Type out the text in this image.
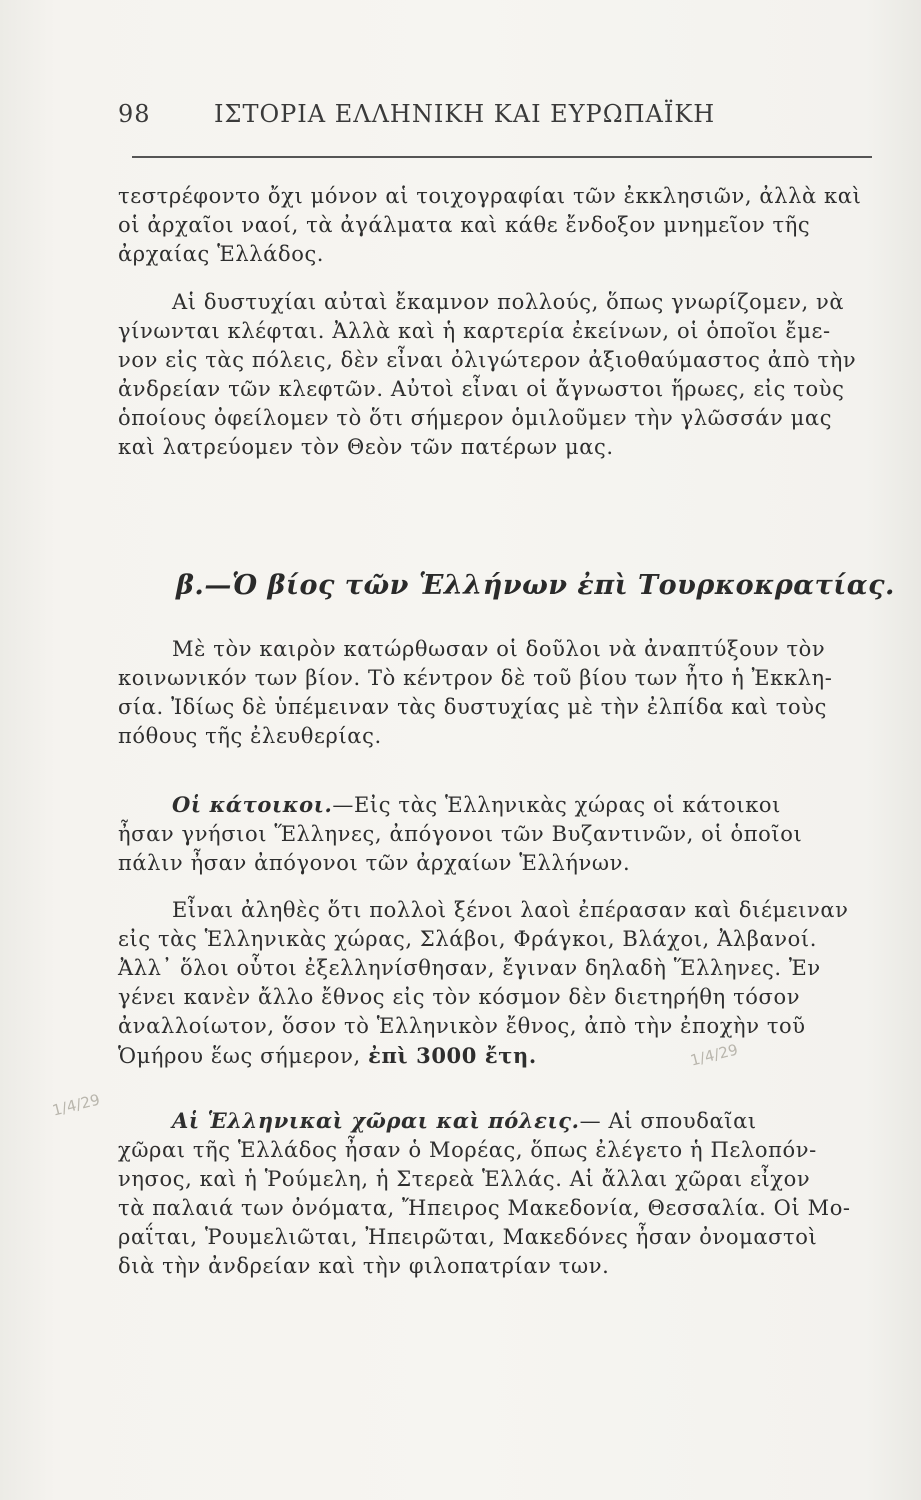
98	ΙΣΤΟΡΙΑ ΕΛΛΗΝΙΚΗ ΚΑΙ ΕΥΡΩΠΑΪΚΗ
τεστρέφοντο ὄχι μόνον αἱ τοιχογραφίαι τῶν ἐκκλησιῶν, ἀλλὰ καὶ
οἱ ἀρχαῖοι ναοί, τὰ ἀγάλματα καὶ κάθε ἔνδοξον μνημεῖον τῆς
ἀρχαίας Ἑλλάδος.
Αἱ δυστυχίαι αὐταὶ ἔκαμνον πολλούς, ὅπως γνωρίζομεν, νὰ
γίνωνται κλέφται. Ἀλλὰ καὶ ἡ καρτερία ἐκείνων, οἱ ὁποῖοι ἔμε-
νον εἰς τὰς πόλεις, δὲν εἶναι ὀλιγώτερον ἀξιοθαύμαστος ἀπὸ τὴν
ἀνδρείαν τῶν κλεφτῶν. Αὐτοὶ εἶναι οἱ ἄγνωστοι ἥρωες, εἰς τοὺς
ὁποίους ὀφείλομεν τὸ ὅτι σήμερον ὁμιλοῦμεν τὴν γλῶσσάν μας
καὶ λατρεύομεν τὸν Θεὸν τῶν πατέρων μας.
β.—Ὁ βίος τῶν Ἑλλήνων ἐπὶ Τουρκοκρατίας.
Μὲ τὸν καιρὸν κατώρθωσαν οἱ δοῦλοι νὰ ἀναπτύξουν τὸν
κοινωνικόν των βίον. Τὸ κέντρον δὲ τοῦ βίου των ἦτο ἡ Ἐκκλη-
σία. Ἰδίως δὲ ὑπέμειναν τὰς δυστυχίας μὲ τὴν ἐλπίδα καὶ τοὺς
πόθους τῆς ἐλευθερίας.
Οἱ κάτοικοι.—Εἰς τὰς Ἑλληνικὰς χώρας οἱ κάτοικοι
ἦσαν γνήσιοι Ἕλληνες, ἀπόγονοι τῶν Βυζαντινῶν, οἱ ὁποῖοι
πάλιν ἦσαν ἀπόγονοι τῶν ἀρχαίων Ἑλλήνων.
Εἶναι ἀληθὲς ὅτι πολλοὶ ξένοι λαοὶ ἐπέρασαν καὶ διέμειναν
εἰς τὰς Ἑλληνικὰς χώρας, Σλάβοι, Φράγκοι, Βλάχοι, Ἀλβανοί.
Ἀλλ᾽ ὅλοι οὗτοι ἐξελληνίσθησαν, ἔγιναν δηλαδὴ Ἕλληνες. Ἐν
γένει κανὲν ἄλλο ἔθνος εἰς τὸν κόσμον δὲν διετηρήθη τόσον
ἀναλλοίωτον, ὅσον τὸ Ἑλληνικὸν ἔθνος, ἀπὸ τὴν ἐποχὴν τοῦ
Ὁμήρου ἕως σήμερον, ἐπὶ 3000 ἔτη.
Αἱ Ἑλληνικαὶ χῶραι καὶ πόλεις.— Αἱ σπουδαῖαι
χῶραι τῆς Ἑλλάδος ἦσαν ὁ Μορέας, ὅπως ἐλέγετο ἡ Πελοπόν-
νησος, καὶ ἡ Ῥούμελη, ἡ Στερεὰ Ἑλλάς. Αἱ ἄλλαι χῶραι εἶχον
τὰ παλαιά των ὀνόματα, Ἤπειρος Μακεδονία, Θεσσαλία. Οἱ Μο-
ραΐται, Ῥουμελιῶται, Ἠπειρῶται, Μακεδόνες ἦσαν ὀνομαστοὶ
διὰ τὴν ἀνδρείαν καὶ τὴν φιλοπατρίαν των.
1/4/29
1/4/29
